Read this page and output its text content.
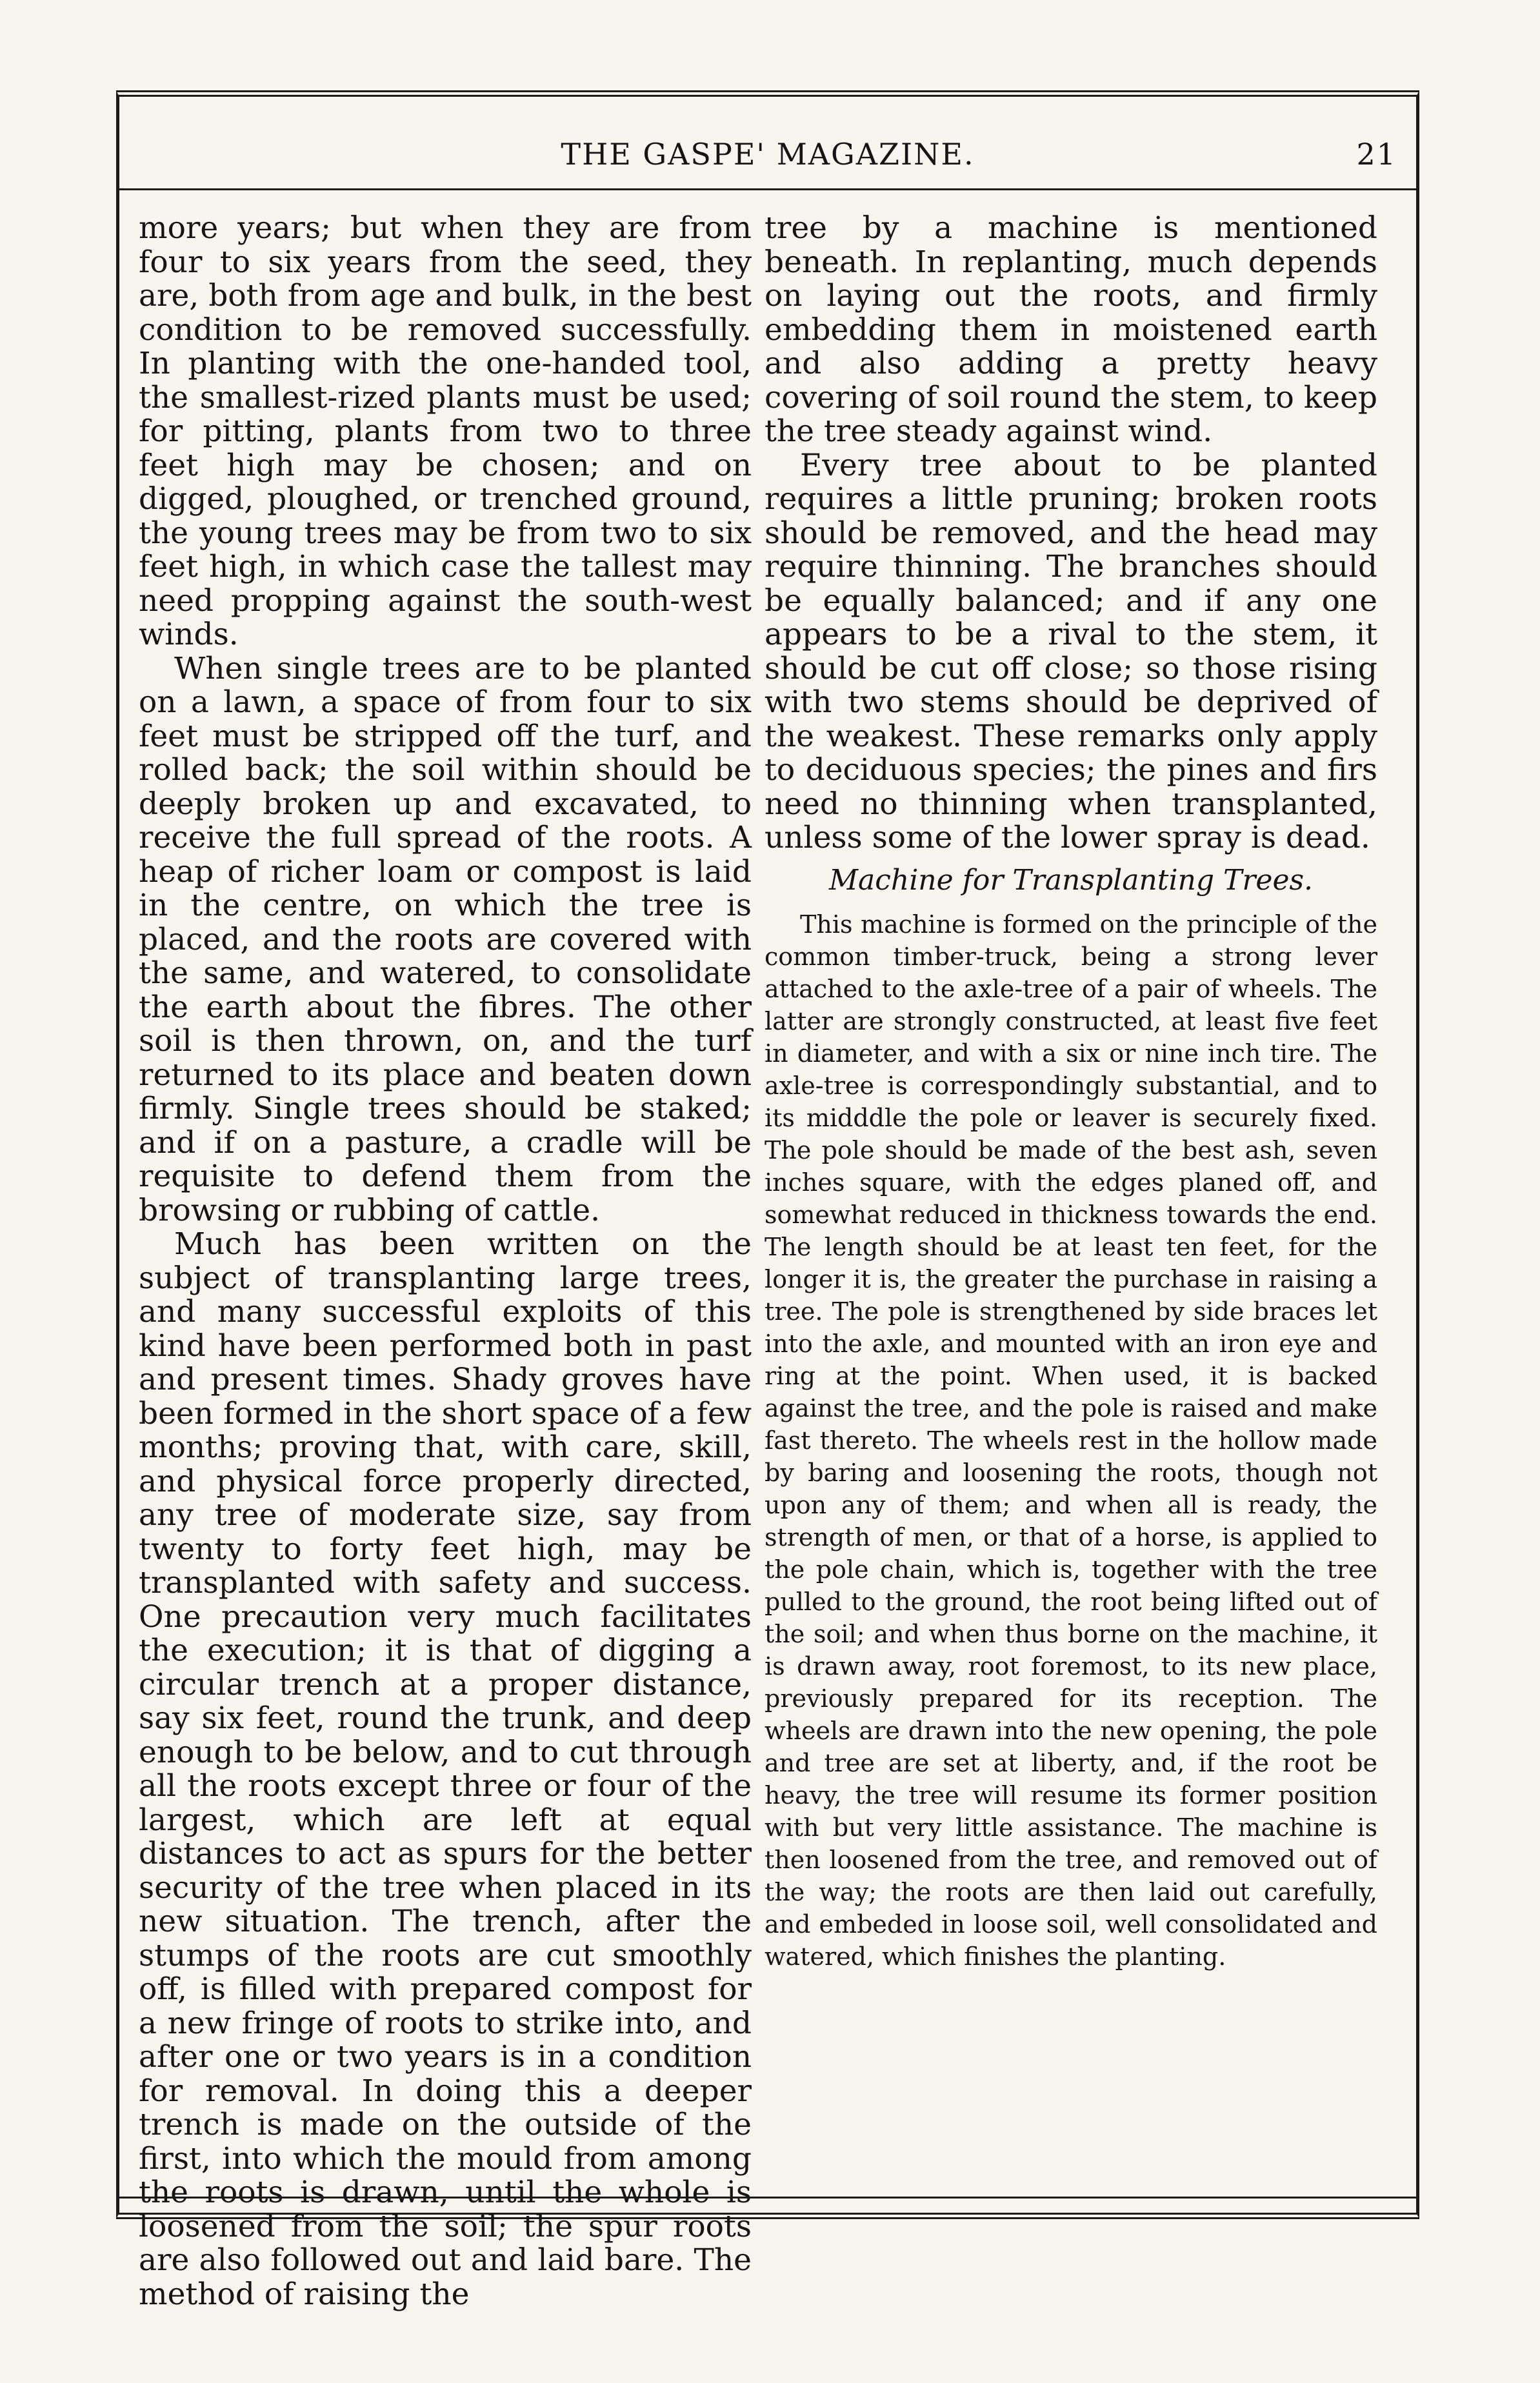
THE GASPE' MAGAZINE.	21

more years; but when they are from four to six years from the seed, they are, both from age and bulk, in the best condition to be removed successfully. In planting with the one-handed tool, the smallest-rized plants must be used; for pitting, plants from two to three feet high may be chosen; and on digged, ploughed, or trenched ground, the young trees may be from two to six feet high, in which case the tallest may need propping against the south-west winds.

When single trees are to be planted on a lawn, a space of from four to six feet must be stripped off the turf, and rolled back; the soil within should be deeply broken up and excavated, to receive the full spread of the roots. A heap of richer loam or compost is laid in the centre, on which the tree is placed, and the roots are covered with the same, and watered, to consolidate the earth about the fibres. The other soil is then thrown, on, and the turf returned to its place and beaten down firmly. Single trees should be staked; and if on a pasture, a cradle will be requisite to defend them from the browsing or rubbing of cattle.

Much has been written on the subject of transplanting large trees, and many successful exploits of this kind have been performed both in past and present times. Shady groves have been formed in the short space of a few months; proving that, with care, skill, and physical force properly directed, any tree of moderate size, say from twenty to forty feet high, may be transplanted with safety and success. One precaution very much facilitates the execution; it is that of digging a circular trench at a proper distance, say six feet, round the trunk, and deep enough to be below, and to cut through all the roots except three or four of the largest, which are left at equal distances to act as spurs for the better security of the tree when placed in its new situation. The trench, after the stumps of the roots are cut smoothly off, is filled with prepared compost for a new fringe of roots to strike into, and after one or two years is in a condition for removal. In doing this a deeper trench is made on the outside of the first, into which the mould from among the roots is drawn, until the whole is loosened from the soil; the spur roots are also followed out and laid bare. The method of raising the

tree by a machine is mentioned beneath. In replanting, much depends on laying out the roots, and firmly embedding them in moistened earth and also adding a pretty heavy covering of soil round the stem, to keep the tree steady against wind.

Every tree about to be planted requires a little pruning; broken roots should be removed, and the head may require thinning. The branches should be equally balanced; and if any one appears to be a rival to the stem, it should be cut off close; so those rising with two stems should be deprived of the weakest. These remarks only apply to deciduous species; the pines and firs need no thinning when transplanted, unless some of the lower spray is dead.

Machine for Transplanting Trees.

This machine is formed on the principle of the common timber-truck, being a strong lever attached to the axle-tree of a pair of wheels. The latter are strongly constructed, at least five feet in diameter, and with a six or nine inch tire. The axle-tree is correspondingly substantial, and to its midddle the pole or leaver is securely fixed. The pole should be made of the best ash, seven inches square, with the edges planed off, and somewhat reduced in thickness towards the end. The length should be at least ten feet, for the longer it is, the greater the purchase in raising a tree. The pole is strengthened by side braces let into the axle, and mounted with an iron eye and ring at the point. When used, it is backed against the tree, and the pole is raised and make fast thereto. The wheels rest in the hollow made by baring and loosening the roots, though not upon any of them; and when all is ready, the strength of men, or that of a horse, is applied to the pole chain, which is, together with the tree pulled to the ground, the root being lifted out of the soil; and when thus borne on the machine, it is drawn away, root foremost, to its new place, previously prepared for its reception. The wheels are drawn into the new opening, the pole and tree are set at liberty, and, if the root be heavy, the tree will resume its former position with but very little assistance. The machine is then loosened from the tree, and removed out of the way; the roots are then laid out carefully, and embeded in loose soil, well consolidated and watered, which finishes the planting.
